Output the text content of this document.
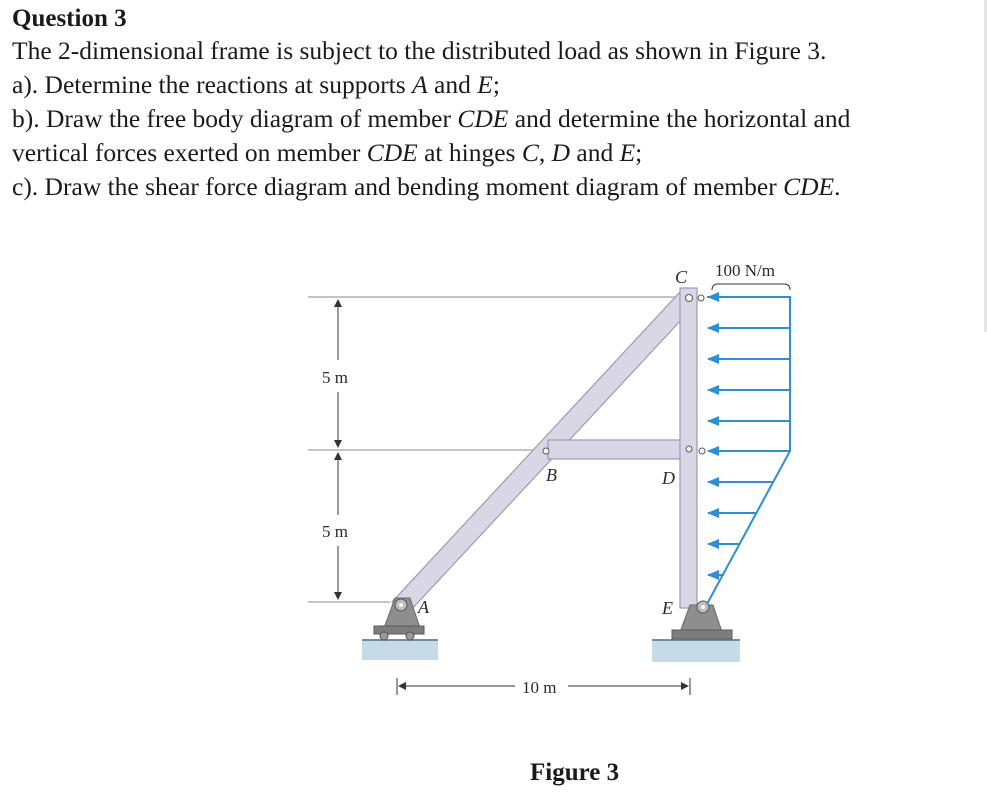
Question 3

The 2-dimensional frame is subject to the distributed load as shown in Figure 3.

a). Determine the reactions at supports A and E;

b). Draw the free body diagram of member CDE and determine the horizontal and

vertical forces exerted on member CDE at hinges C, D and E;

c). Draw the shear force diagram and bending moment diagram of member CDE.

5 m
5 m
10 m
100 N/m
A
B
C
D
E
Figure 3
